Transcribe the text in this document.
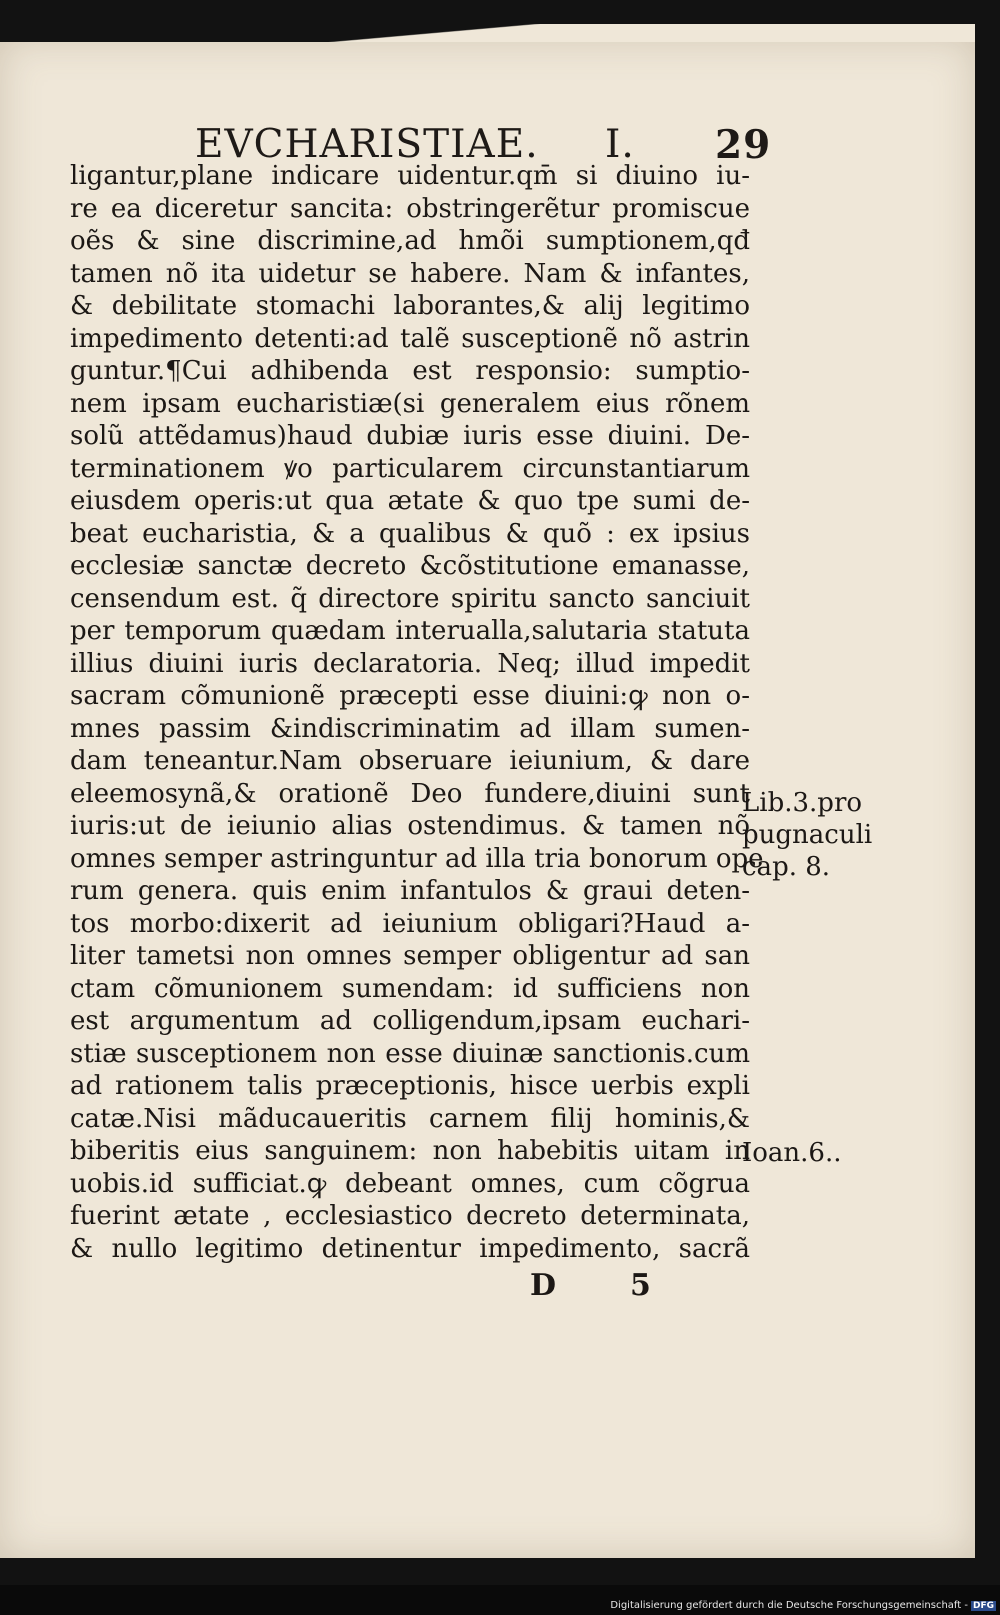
EVCHARISTIAE. I. 29
ligantur,plane indicare uidentur.qm̄ si diuino iu-
re ea diceretur sancita: obstringerẽtur promiscue
oẽs & sine discrimine,ad hmõi sumptionem,qđ
tamen nõ ita uidetur se habere. Nam & infantes,
& debilitate stomachi laborantes,& alij legitimo
impedimento detenti:ad talẽ susceptionẽ nõ astrin
guntur.¶Cui adhibenda est responsio: sumptio-
nem ipsam eucharistiæ(si generalem eius rõnem
solũ attẽdamus)haud dubiæ iuris esse diuini. De-
terminationem ꝟo particularem circunstantiarum
eiusdem operis:ut qua ætate & quo tpe sumi de-
beat eucharistia, & a qualibus & quõ : ex ipsius
ecclesiæ sanctæ decreto &cõstitutione emanasse,
censendum est. q̃ directore spiritu sancto sanciuit
per temporum quædam interualla,salutaria statuta
illius diuini iuris declaratoria. Neq; illud impedit
sacram cõmunionẽ præcepti esse diuini:ꝙ non o-
mnes passim &indiscriminatim ad illam sumen-
dam teneantur.Nam obseruare ieiunium, & dare
eleemosynã,& orationẽ Deo fundere,diuini sunt
iuris:ut de ieiunio alias ostendimus. & tamen nõ
omnes semper astringuntur ad illa tria bonorum ope
rum genera. quis enim infantulos & graui deten-
tos morbo:dixerit ad ieiunium obligari?Haud a-
liter tametsi non omnes semper obligentur ad san
ctam cõmunionem sumendam: id sufficiens non
est argumentum ad colligendum,ipsam euchari-
stiæ susceptionem non esse diuinæ sanctionis.cum
ad rationem talis præceptionis, hisce uerbis expli
catæ.Nisi mãducaueritis carnem filij hominis,&
biberitis eius sanguinem: non habebitis uitam in
uobis.id sufficiat.ꝙ debeant omnes, cum cõgrua
fuerint ætate , ecclesiastico decreto determinata,
& nullo legitimo detinentur impedimento, sacrã
Lib.3.pro
pugnaculi
cap. 8.
Ioan.6..
D 5
Digitalisierung gefördert durch die Deutsche Forschungsgemeinschaft - DFG
